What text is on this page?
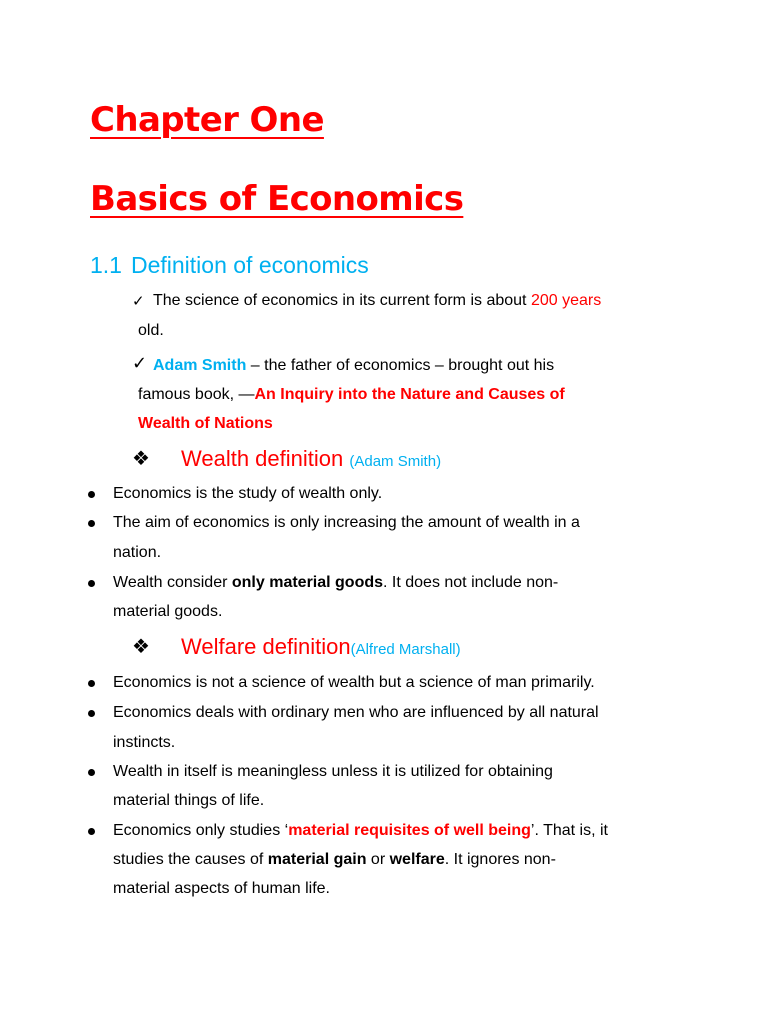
Chapter One
Basics of Economics
1.1 Definition of economics
✓ The science of economics in its current form is about 200 years
old.
✓ Adam Smith – the father of economics – brought out his
famous book, —An Inquiry into the Nature and Causes of
Wealth of Nations
❖ Wealth definition (Adam Smith)
Economics is the study of wealth only.
The aim of economics is only increasing the amount of wealth in a
nation.
Wealth consider only material goods. It does not include non-
material goods.
❖ Welfare definition(Alfred Marshall)
Economics is not a science of wealth but a science of man primarily.
Economics deals with ordinary men who are influenced by all natural
instincts.
Wealth in itself is meaningless unless it is utilized for obtaining
material things of life.
Economics only studies ‘material requisites of well being’. That is, it
studies the causes of material gain or welfare. It ignores non-
material aspects of human life.
